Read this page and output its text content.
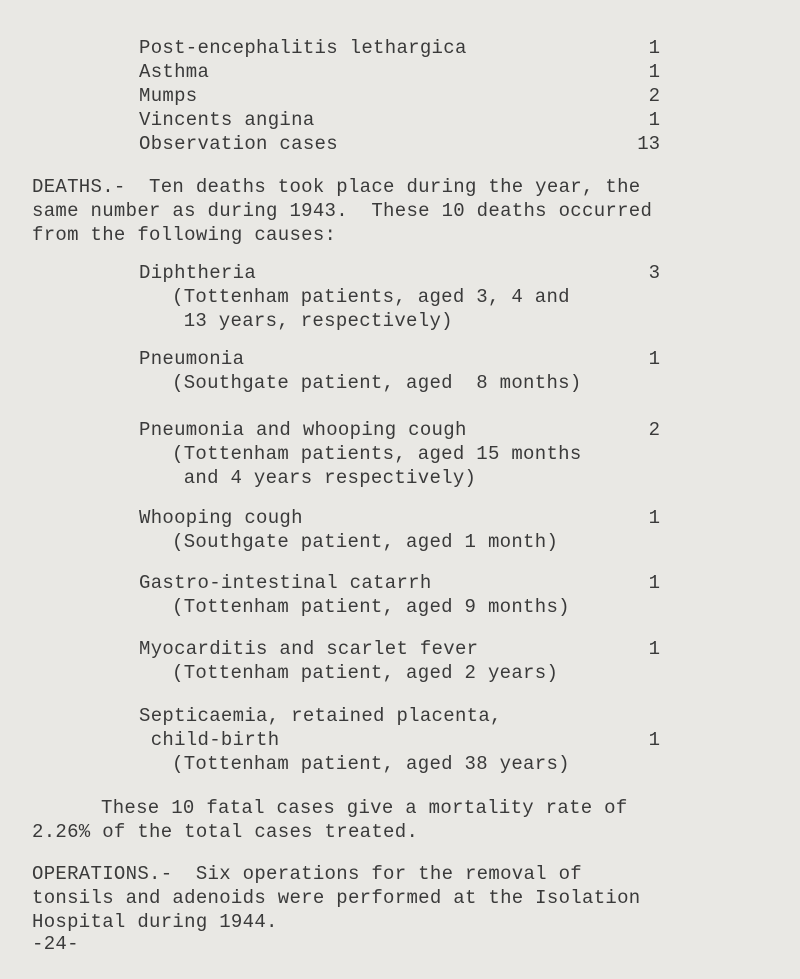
Post-encephalitis lethargica	1
Asthma	1
Mumps	2
Vincents angina	1
Observation cases	13
DEATHS.-  Ten deaths took place during the year, the
same number as during 1943.  These 10 deaths occurred
from the following causes:
Diphtheria	3
(Tottenham patients, aged 3, 4 and
13 years, respectively)
Pneumonia	1
(Southgate patient, aged  8 months)
Pneumonia and whooping cough	2
(Tottenham patients, aged 15 months
and 4 years respectively)
Whooping cough	1
(Southgate patient, aged 1 month)
Gastro-intestinal catarrh	1
(Tottenham patient, aged 9 months)
Myocarditis and scarlet fever	1
(Tottenham patient, aged 2 years)
Septicaemia, retained placenta,
child-birth	1
(Tottenham patient, aged 38 years)
These 10 fatal cases give a mortality rate of
2.26% of the total cases treated.
OPERATIONS.-  Six operations for the removal of
tonsils and adenoids were performed at the Isolation
Hospital during 1944.
-24-
